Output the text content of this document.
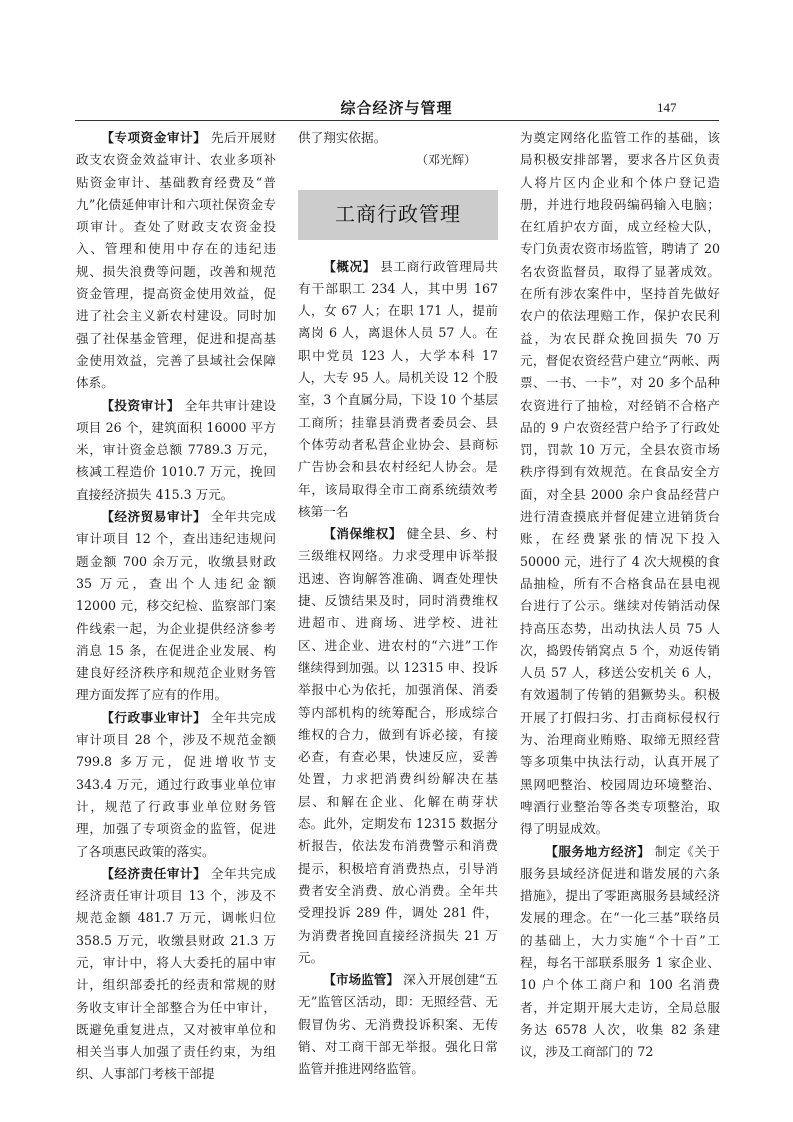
综合经济与管理	147

【专项资金审计】 先后开展财政支农资金效益审计、农业多项补贴资金审计、基础教育经费及“普九”化债延伸审计和六项社保资金专项审计。查处了财政支农资金投入、管理和使用中存在的违纪违规、损失浪费等问题，改善和规范资金管理，提高资金使用效益，促进了社会主义新农村建设。同时加强了社保基金管理，促进和提高基金使用效益，完善了县域社会保障体系。

【投资审计】 全年共审计建设项目 26 个，建筑面积 16000 平方米，审计资金总额 7789.3 万元，核减工程造价 1010.7 万元，挽回直接经济损失 415.3 万元。

【经济贸易审计】 全年共完成审计项目 12 个，查出违纪违规问题金额 700 余万元，收缴县财政 35 万元，查出个人违纪金额 12000 元，移交纪检、监察部门案件线索一起，为企业提供经济参考消息 15 条，在促进企业发展、构建良好经济秩序和规范企业财务管理方面发挥了应有的作用。

【行政事业审计】 全年共完成审计项目 28 个，涉及不规范金额 799.8 多万元，促进增收节支 343.4 万元，通过行政事业单位审计，规范了行政事业单位财务管理，加强了专项资金的监管，促进了各项惠民政策的落实。

【经济责任审计】 全年共完成经济责任审计项目 13 个，涉及不规范金额 481.7 万元，调帐归位 358.5 万元，收缴县财政 21.3 万元，审计中，将人大委托的届中审计，组织部委托的经责和常规的财务收支审计全部整合为任中审计，既避免重复进点，又对被审单位和相关当事人加强了责任约束，为组织、人事部门考核干部提

供了翔实依据。

（邓光辉）

工商行政管理

【概况】 县工商行政管理局共有干部职工 234 人，其中男 167 人，女 67 人；在职 171 人，提前离岗 6 人，离退休人员 57 人。在职中党员 123 人，大学本科 17 人，大专 95 人。局机关设 12 个股室，3 个直属分局，下设 10 个基层工商所；挂靠县消费者委员会、县个体劳动者私营企业协会、县商标广告协会和县农村经纪人协会。是年，该局取得全市工商系统绩效考核第一名

【消保维权】 健全县、乡、村三级维权网络。力求受理申诉举报迅速、咨询解答准确、调查处理快捷、反馈结果及时，同时消费维权进超市、进商场、进学校、进社区、进企业、进农村的“六进”工作继续得到加强。以 12315 申、投诉举报中心为依托，加强消保、消委等内部机构的统筹配合，形成综合维权的合力，做到有诉必接，有接必查，有查必果，快速反应，妥善处置，力求把消费纠纷解决在基层、和解在企业、化解在萌芽状态。此外，定期发布 12315 数据分析报告，依法发布消费警示和消费提示，积极培育消费热点，引导消费者安全消费、放心消费。全年共受理投诉 289 件，调处 281 件，为消费者挽回直接经济损失 21 万元。

【市场监管】 深入开展创建“五无”监管区活动，即：无照经营、无假冒伪劣、无消费投诉积案、无传销、对工商干部无举报。强化日常监管并推进网络监管。

为奠定网络化监管工作的基础，该局积极安排部署，要求各片区负责人将片区内企业和个体户登记造册，并进行地段码编码输入电脑；在红盾护农方面，成立经检大队，专门负责农资市场监管，聘请了 20 名农资监督员，取得了显著成效。在所有涉农案件中，坚持首先做好农户的依法理赔工作，保护农民利益，为农民群众挽回损失 70 万元，督促农资经营户建立“两帐、两票、一书、一卡”，对 20 多个品种农资进行了抽检，对经销不合格产品的 9 户农资经营户给予了行政处罚，罚款 10 万元，全县农资市场秩序得到有效规范。在食品安全方面，对全县 2000 余户食品经营户进行清查摸底并督促建立进销货台账，在经费紧张的情况下投入 50000 元，进行了 4 次大规模的食品抽检，所有不合格食品在县电视台进行了公示。继续对传销活动保持高压态势，出动执法人员 75 人次，捣毁传销窝点 5 个，劝返传销人员 57 人，移送公安机关 6 人，有效遏制了传销的猖獗势头。积极开展了打假扫劣、打击商标侵权行为、治理商业贿赂、取缔无照经营等多项集中执法行动，认真开展了黑网吧整治、校园周边环境整治、啤酒行业整治等各类专项整治，取得了明显成效。

【服务地方经济】 制定《关于服务县域经济促进和谐发展的六条措施》，提出了零距离服务县域经济发展的理念。在“一化三基”联络员的基础上，大力实施“个十百”工程，每名干部联系服务 1 家企业、10 户个体工商户和 100 名消费者，并定期开展大走访，全局总服务达 6578 人次，收集 82 条建议，涉及工商部门的 72
